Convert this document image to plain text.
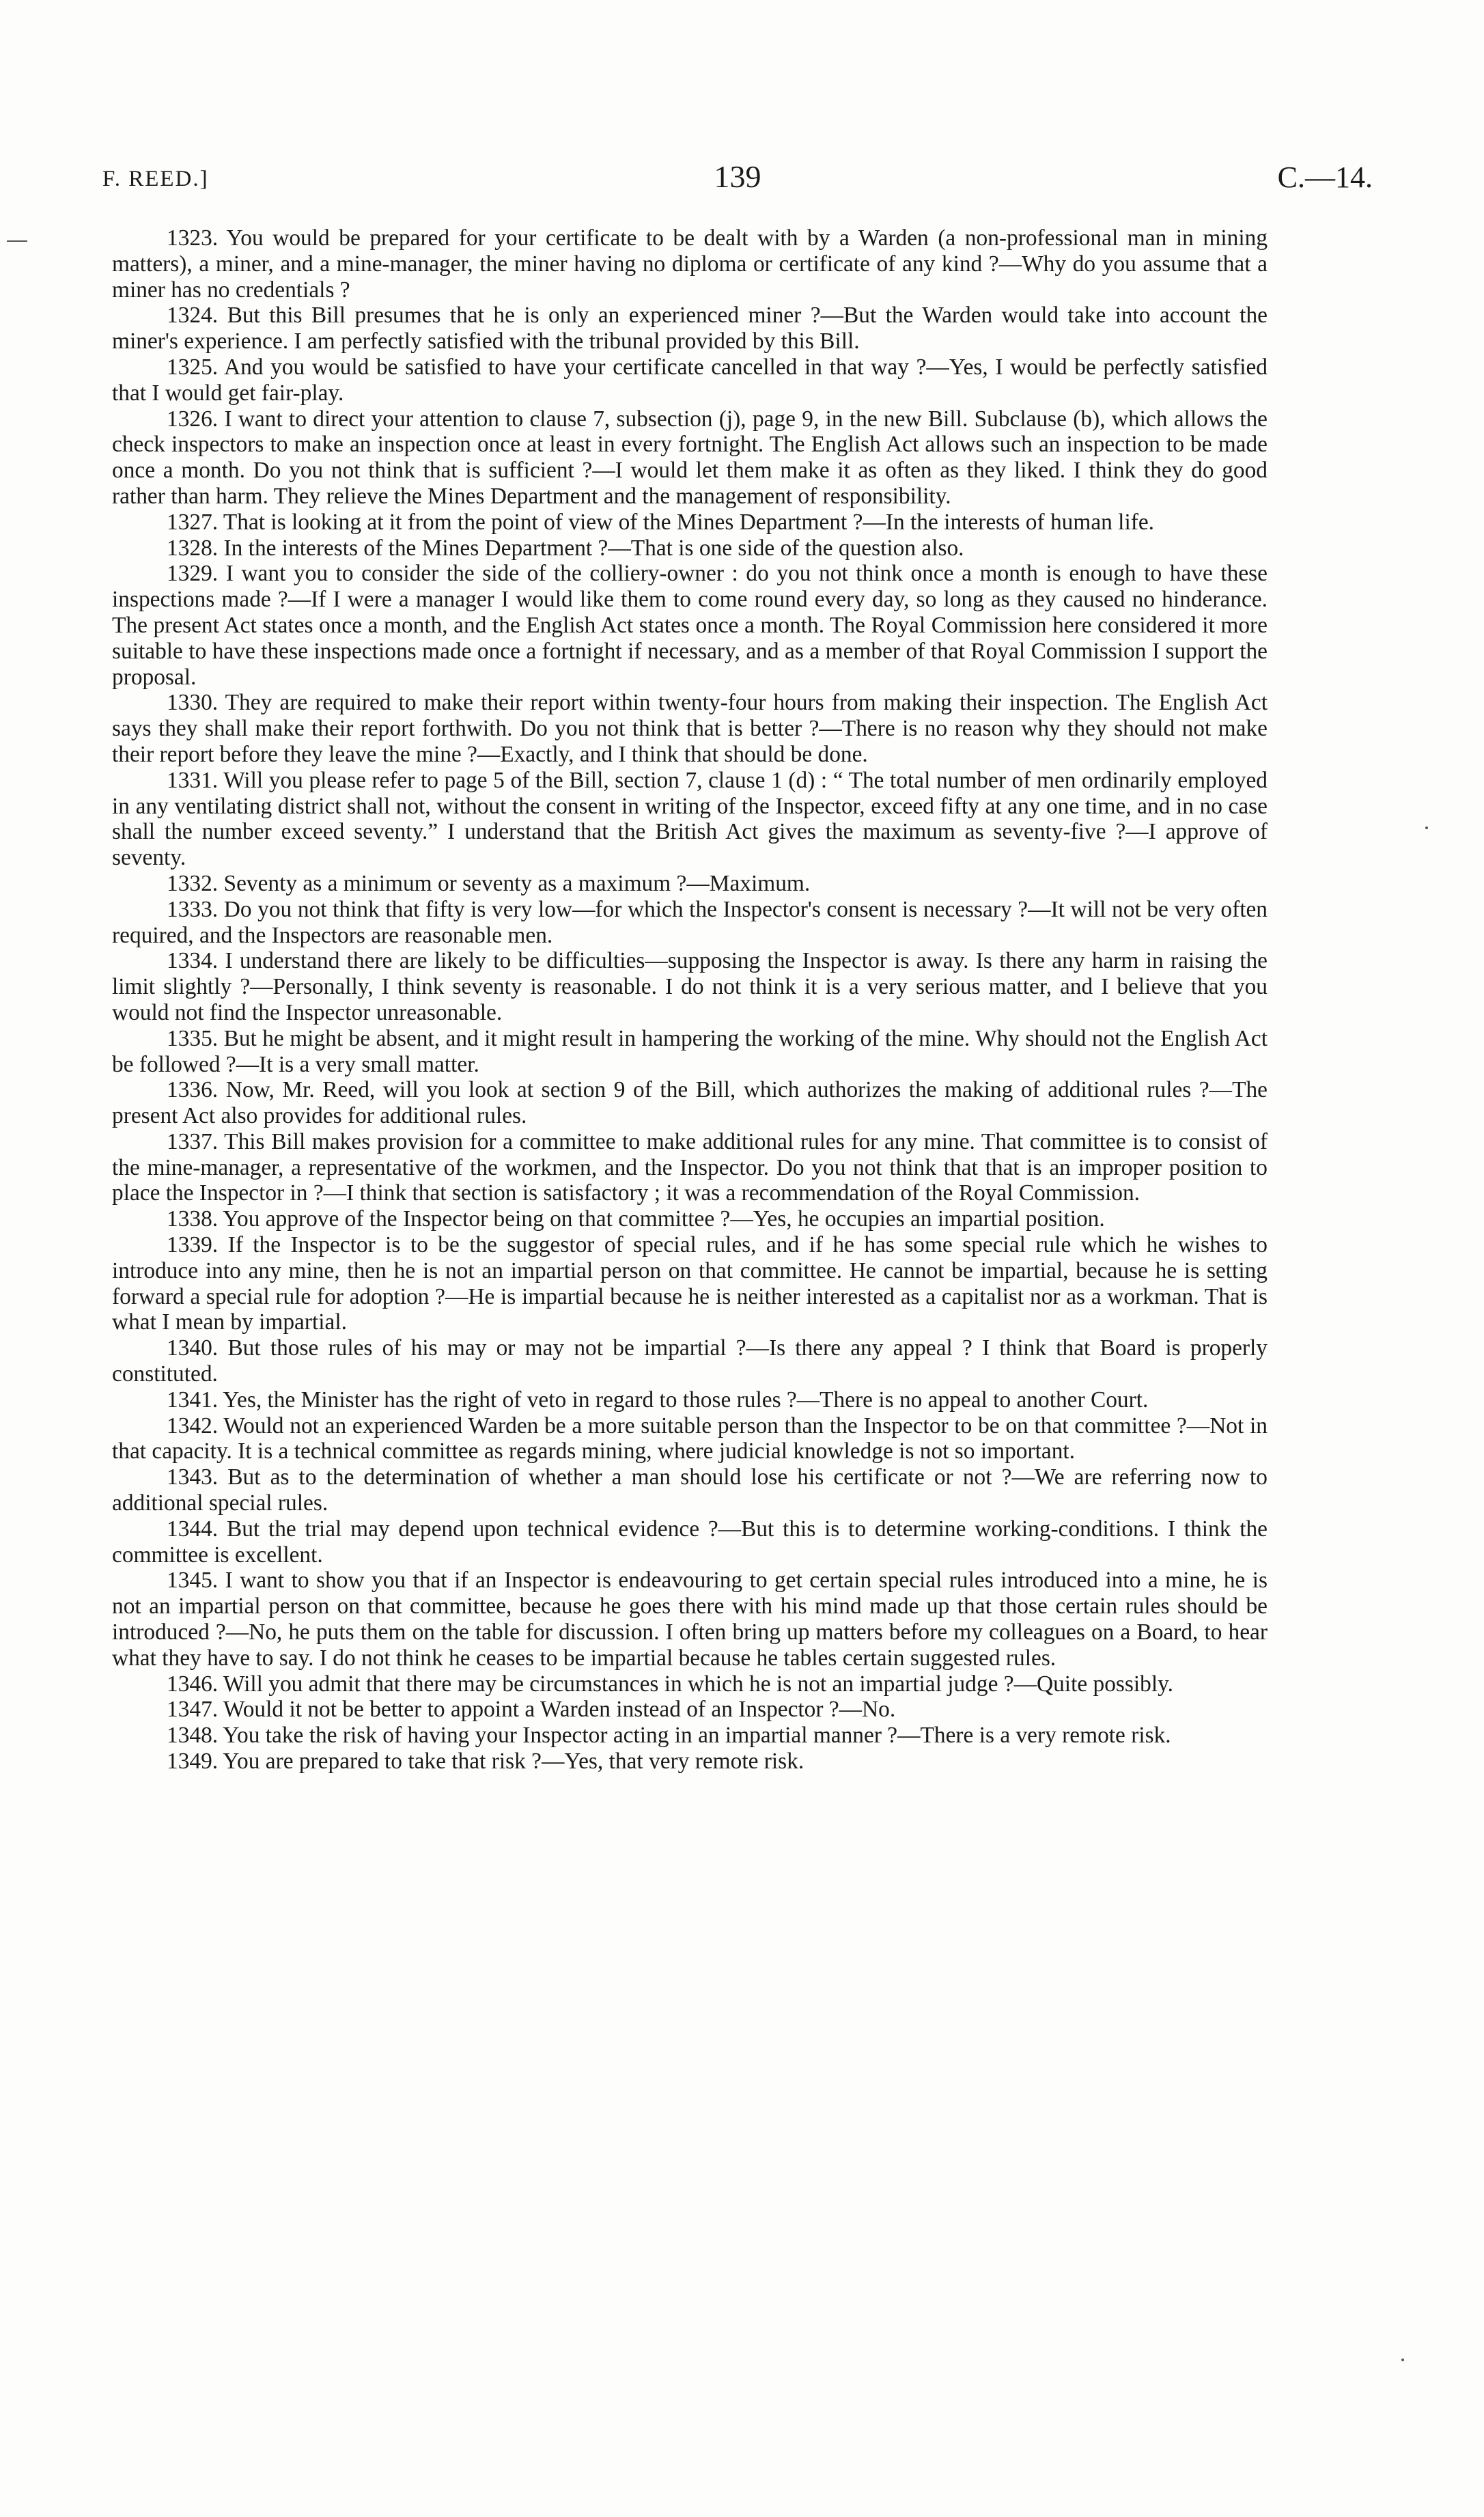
F. REED.]	139	C.—14.

1323. You would be prepared for your certificate to be dealt with by a Warden (a non-professional man in mining matters), a miner, and a mine-manager, the miner having no diploma or certificate of any kind ?—Why do you assume that a miner has no credentials ?

1324. But this Bill presumes that he is only an experienced miner ?—But the Warden would take into account the miner's experience. I am perfectly satisfied with the tribunal provided by this Bill.

1325. And you would be satisfied to have your certificate cancelled in that way ?—Yes, I would be perfectly satisfied that I would get fair-play.

1326. I want to direct your attention to clause 7, subsection (j), page 9, in the new Bill. Subclause (b), which allows the check inspectors to make an inspection once at least in every fortnight. The English Act allows such an inspection to be made once a month. Do you not think that is sufficient ?—I would let them make it as often as they liked. I think they do good rather than harm. They relieve the Mines Department and the management of responsibility.

1327. That is looking at it from the point of view of the Mines Department ?—In the interests of human life.

1328. In the interests of the Mines Department ?—That is one side of the question also.

1329. I want you to consider the side of the colliery-owner : do you not think once a month is enough to have these inspections made ?—If I were a manager I would like them to come round every day, so long as they caused no hinderance. The present Act states once a month, and the English Act states once a month. The Royal Commission here considered it more suitable to have these inspections made once a fortnight if necessary, and as a member of that Royal Commission I support the proposal.

1330. They are required to make their report within twenty-four hours from making their inspection. The English Act says they shall make their report forthwith. Do you not think that is better ?—There is no reason why they should not make their report before they leave the mine ?—Exactly, and I think that should be done.

1331. Will you please refer to page 5 of the Bill, section 7, clause 1 (d) : “ The total number of men ordinarily employed in any ventilating district shall not, without the consent in writing of the Inspector, exceed fifty at any one time, and in no case shall the number exceed seventy.” I understand that the British Act gives the maximum as seventy-five ?—I approve of seventy.

1332. Seventy as a minimum or seventy as a maximum ?—Maximum.

1333. Do you not think that fifty is very low—for which the Inspector's consent is necessary ?—It will not be very often required, and the Inspectors are reasonable men.

1334. I understand there are likely to be difficulties—supposing the Inspector is away. Is there any harm in raising the limit slightly ?—Personally, I think seventy is reasonable. I do not think it is a very serious matter, and I believe that you would not find the Inspector unreasonable.

1335. But he might be absent, and it might result in hampering the working of the mine. Why should not the English Act be followed ?—It is a very small matter.

1336. Now, Mr. Reed, will you look at section 9 of the Bill, which authorizes the making of additional rules ?—The present Act also provides for additional rules.

1337. This Bill makes provision for a committee to make additional rules for any mine. That committee is to consist of the mine-manager, a representative of the workmen, and the Inspector. Do you not think that that is an improper position to place the Inspector in ?—I think that section is satisfactory ; it was a recommendation of the Royal Commission.

1338. You approve of the Inspector being on that committee ?—Yes, he occupies an impartial position.

1339. If the Inspector is to be the suggestor of special rules, and if he has some special rule which he wishes to introduce into any mine, then he is not an impartial person on that committee. He cannot be impartial, because he is setting forward a special rule for adoption ?—He is impartial because he is neither interested as a capitalist nor as a workman. That is what I mean by impartial.

1340. But those rules of his may or may not be impartial ?—Is there any appeal ? I think that Board is properly constituted.

1341. Yes, the Minister has the right of veto in regard to those rules ?—There is no appeal to another Court.

1342. Would not an experienced Warden be a more suitable person than the Inspector to be on that committee ?—Not in that capacity. It is a technical committee as regards mining, where judicial knowledge is not so important.

1343. But as to the determination of whether a man should lose his certificate or not ?—We are referring now to additional special rules.

1344. But the trial may depend upon technical evidence ?—But this is to determine working-conditions. I think the committee is excellent.

1345. I want to show you that if an Inspector is endeavouring to get certain special rules introduced into a mine, he is not an impartial person on that committee, because he goes there with his mind made up that those certain rules should be introduced ?—No, he puts them on the table for discussion. I often bring up matters before my colleagues on a Board, to hear what they have to say. I do not think he ceases to be impartial because he tables certain suggested rules.

1346. Will you admit that there may be circumstances in which he is not an impartial judge ?—Quite possibly.

1347. Would it not be better to appoint a Warden instead of an Inspector ?—No.

1348. You take the risk of having your Inspector acting in an impartial manner ?—There is a very remote risk.

1349. You are prepared to take that risk ?—Yes, that very remote risk.
